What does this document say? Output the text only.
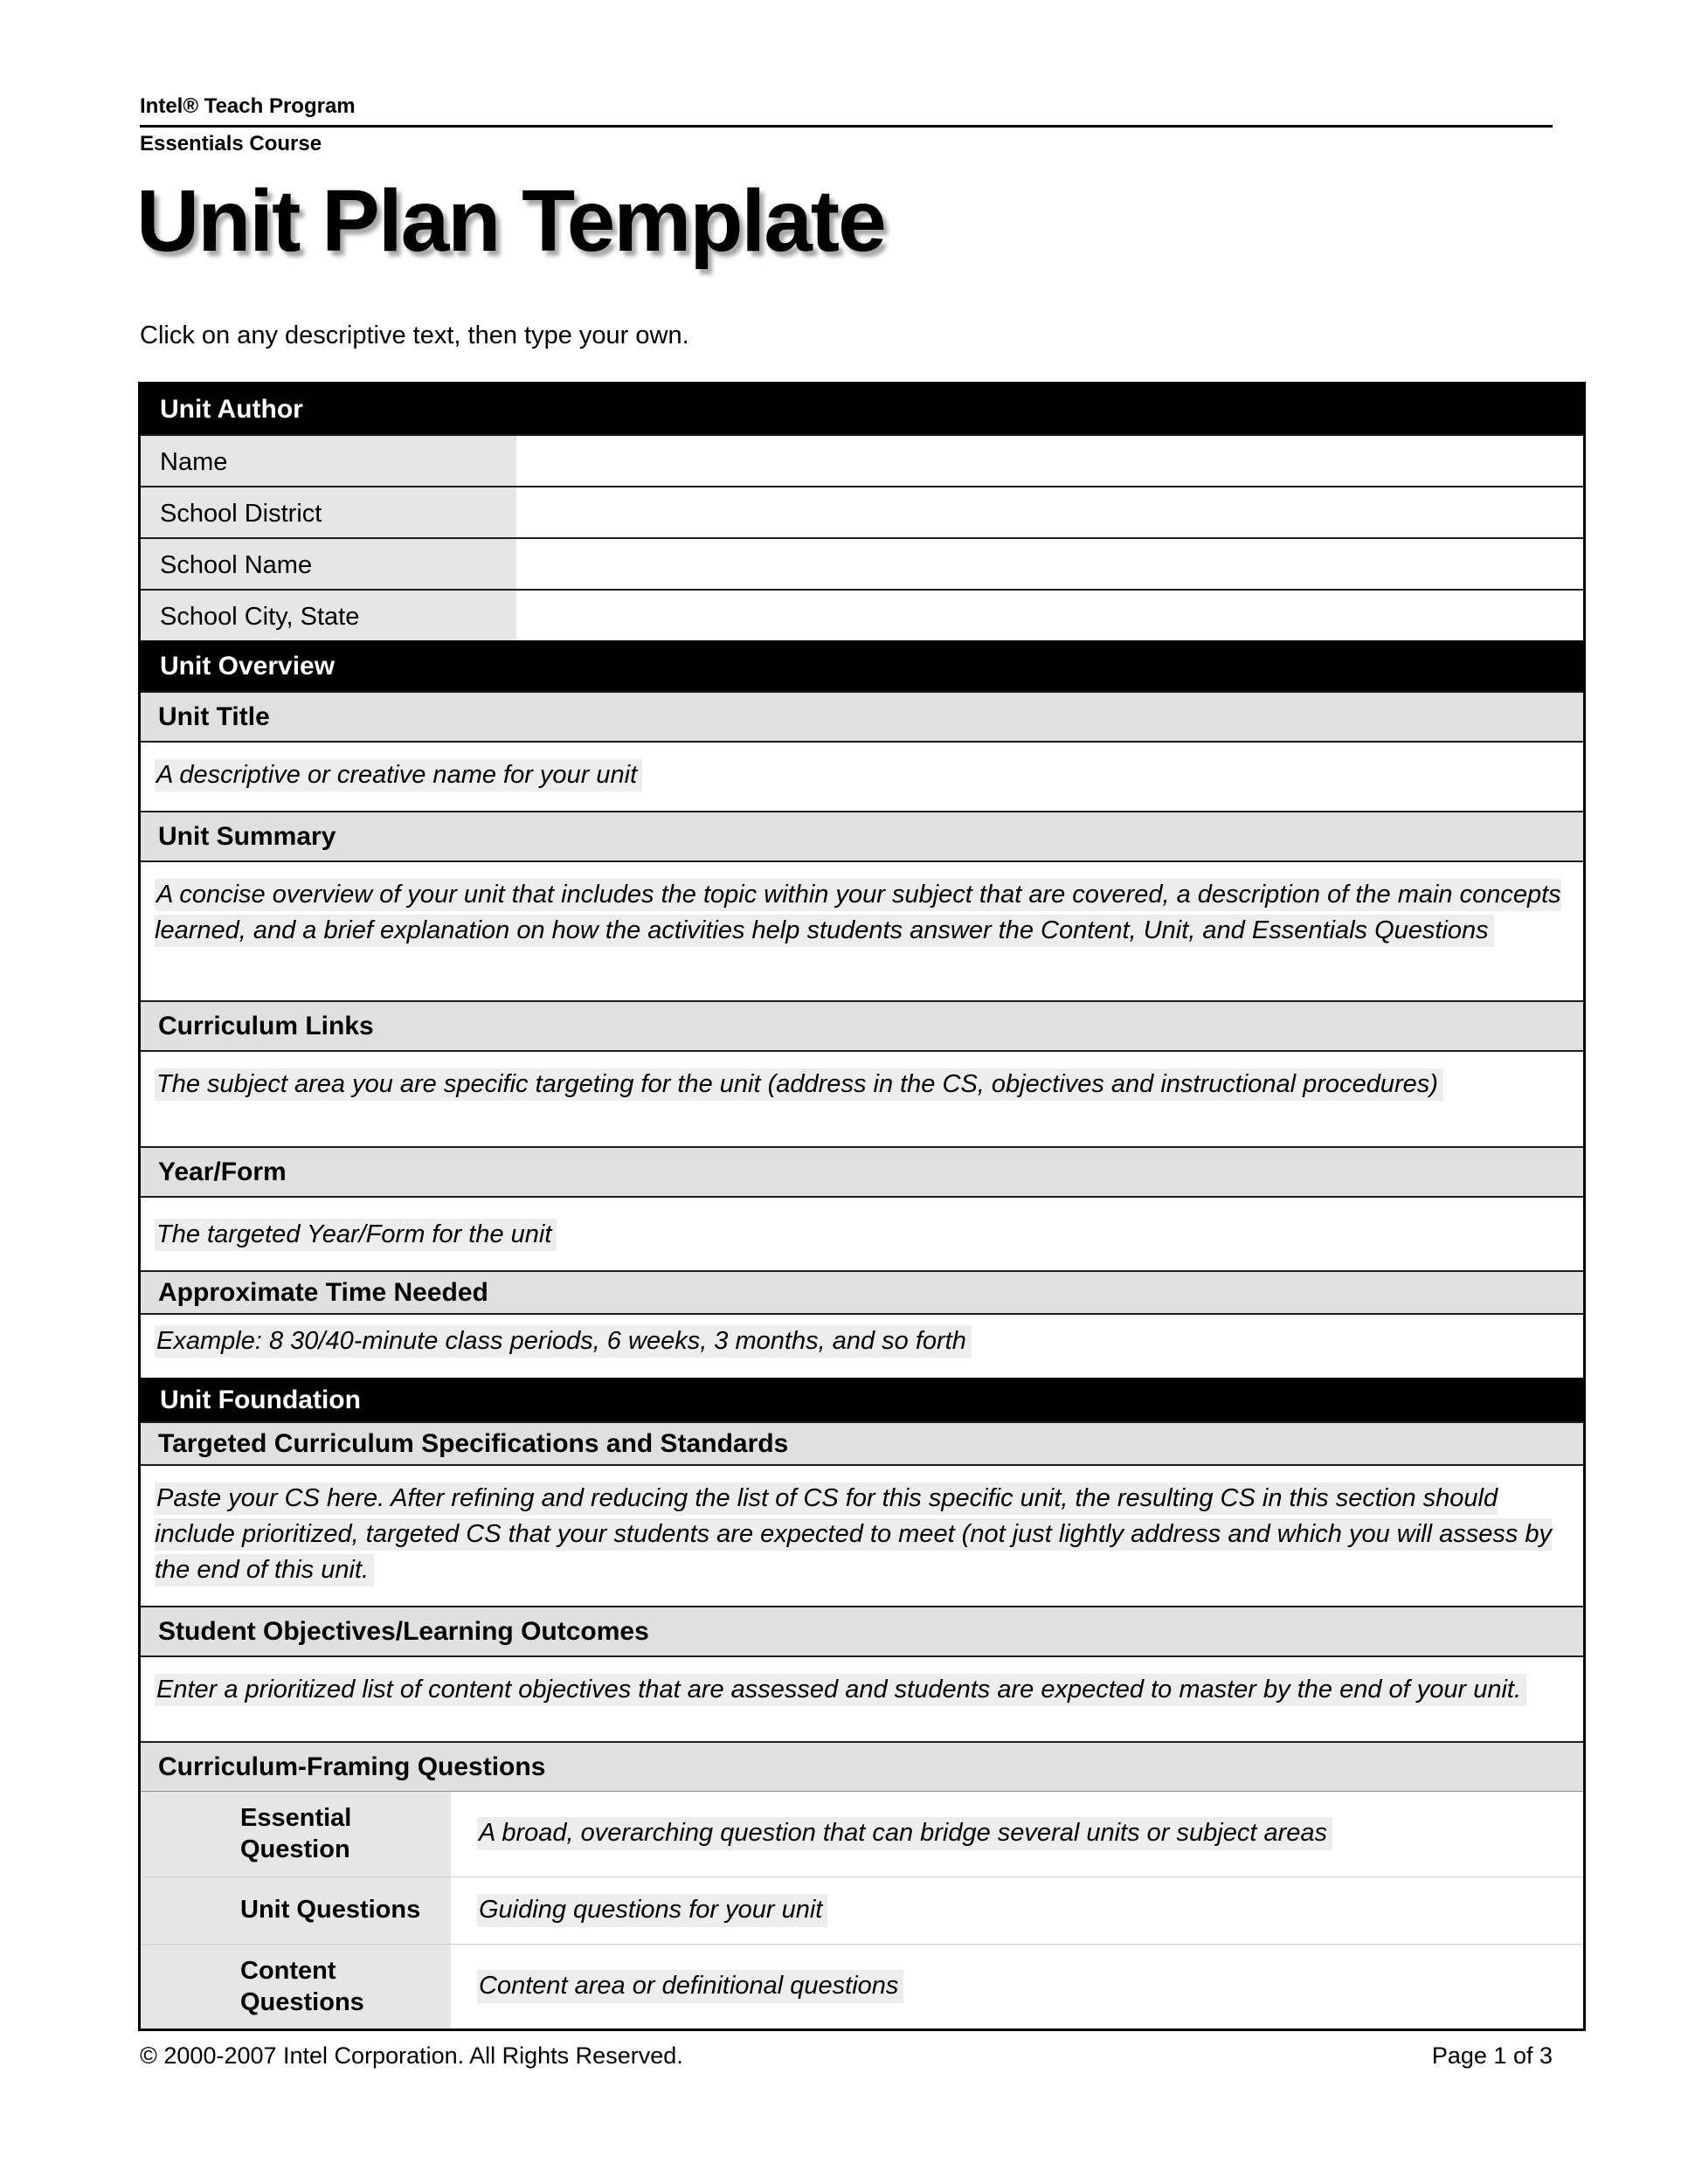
Intel® Teach Program
Essentials Course
Unit Plan Template

Click on any descriptive text, then type your own.

Unit Author
Name
School District
School Name
School City, State
Unit Overview
Unit Title
A descriptive or creative name for your unit
Unit Summary
A concise overview of your unit that includes the topic within your subject that are covered, a description of the main concepts learned, and a brief explanation on how the activities help students answer the Content, Unit, and Essentials Questions
Curriculum Links
The subject area you are specific targeting for the unit (address in the CS, objectives and instructional procedures)
Year/Form
The targeted Year/Form for the unit
Approximate Time Needed
Example: 8 30/40-minute class periods, 6 weeks, 3 months, and so forth
Unit Foundation
Targeted Curriculum Specifications and Standards
Paste your CS here. After refining and reducing the list of CS for this specific unit, the resulting CS in this section should include prioritized, targeted CS that your students are expected to meet (not just lightly address and which you will assess by the end of this unit.
Student Objectives/Learning Outcomes
Enter a prioritized list of content objectives that are assessed and students are expected to master by the end of your unit.
Curriculum-Framing Questions
Essential Question
A broad, overarching question that can bridge several units or subject areas
Unit Questions	Guiding questions for your unit
Content Questions
Content area or definitional questions
© 2000-2007 Intel Corporation. All Rights Reserved.	Page 1 of 3
